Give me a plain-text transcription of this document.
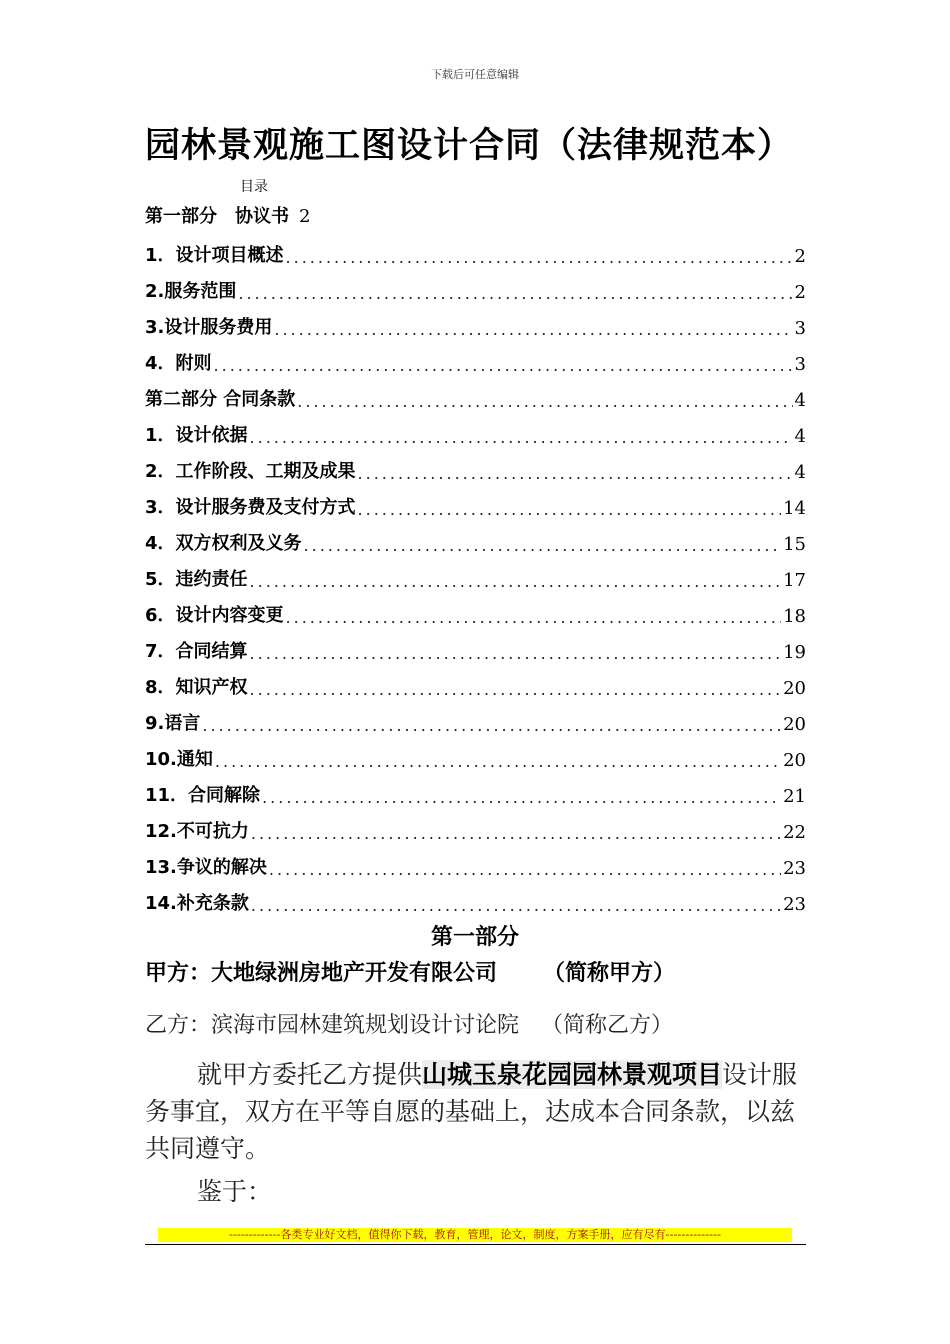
下载后可任意编辑
园林景观施工图设计合同（法律规范本）
目录
第一部分　协议书 2
1．设计项目概述 .....	2
2.服务范围 .....	2
3.设计服务费用 .....	3
4．附则 .....	3
第二部分 合同条款 .....	4
1．设计依据 .....	4
2．工作阶段、工期及成果 .....	4
3．设计服务费及支付方式 .....	14
4．双方权利及义务 .....	15
5．违约责任 .....	17
6．设计内容变更 .....	18
7．合同结算 .....	19
8．知识产权 .....	20
9.语言 .....	20
10.通知 .....	20
11．合同解除 .....	21
12.不可抗力 .....	22
13.争议的解决 .....	23
14.补充条款 .....	23
第一部分
甲方：大地绿洲房地产开发有限公司 （简称甲方）
乙方：滨海市园林建筑规划设计讨论院 （简称乙方）
就甲方委托乙方提供山城玉泉花园园林景观项目设计服务事宜，双方在平等自愿的基础上，达成本合同条款，以兹共同遵守。
鉴于：
-------------各类专业好文档，值得你下载，教育，管理，论文，制度，方案手册，应有尽有--------------
